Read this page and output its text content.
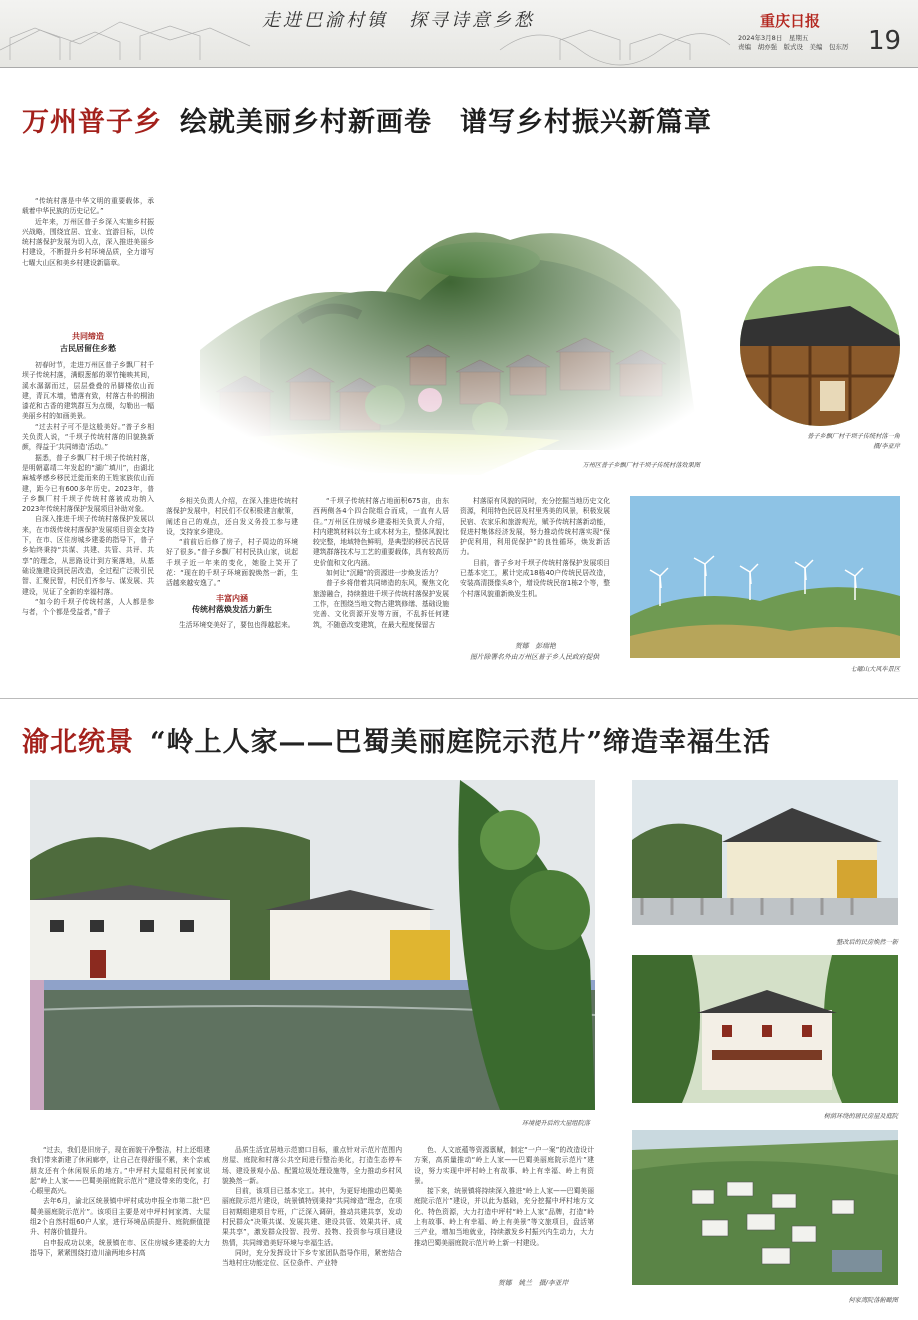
走进巴渝村镇　探寻诗意乡愁	重庆日报
2024年3月8日　星期五
责编　胡亦强　版式设　美编　包东厉 19
万州普子乡 绘就美丽乡村新画卷　谱写乡村振兴新篇章
万州区普子乡飘厂村千坝子传统村落效果图
普子乡飘厂村千坝子传统村落一角
摄/李亚岸
七曜山大风车景区

“传统村落是中华文明的重要载体，承载着中华民族的历史记忆。”

近年来，万州区普子乡深入实施乡村振兴战略，围绕宜居、宜业、宜游目标，以传统村落保护发展为切入点，深入推进美丽乡村建设，不断提升乡村环境品质，全力谱写七曜大山区和美乡村建设新篇章。

共同缔造
古民居留住乡愁

初春时节，走进万州区普子乡飘厂村千坝子传统村落，满眼葱郁的翠竹掩映其间，溪水潺潺而过，层层叠叠的吊脚楼依山而建，青瓦木墙，错落有致，村落古朴的桐油漆花和古香的建筑群互为点缀，勾勒出一幅美丽乡村的如画美景。

“过去村子可不是这般美好。”普子乡相关负责人说，“千坝子传统村落的旧貌换新颜，得益于‘共同缔造’活动。”

据悉，普子乡飘厂村千坝子传统村落，是明朝嘉靖二年发起的“湖广填川”，由湖北麻城孝感乡移民迁徙而来的王姓家族依山而建，距今已有600多年历史。2023年，普子乡飘厂村千坝子传统村落被成功纳入2023年传统村落保护发展项目补助对象。

自深入推进千坝子传统村落保护发展以来，在市级传统村落保护发展项目资金支持下，在市、区住房城乡建委的指导下，普子乡始终秉持“共谋、共建、共管、共评、共享”的理念，从思路设计到方案落地，从基础设施建设到民居改造，全过程广泛吸引民智、汇聚民智，村民们齐参与、谋发展、共建设，见证了全新的幸福村落。

“如今的千坝子传统村落，人人都是参与者，个个都是受益者，”普子

乡相关负责人介绍，在深入推进传统村落保护发展中，村民们不仅积极建言献策，阐述自己的观点，还自发义务投工参与建设，支持家乡建设。

“前前后后修了房子，村子周边的环境好了很多。”普子乡飘厂村村民执山家，说起千坝子近一年来的变化，她脸上笑开了花：“现在的千坝子环境面貌焕然一新，生活越来越安逸了。”

丰富内涵
传统村落焕发活力新生

生活环境变美好了，要包也得越起来。

“千坝子传统村落占地面积675亩，由东西两侧各4个四合院组合而成，一直有人居住。”万州区住房城乡建委相关负责人介绍，村内建筑材料以夯土或木材为主，整体风貌比较完整，地域特色鲜明，是典型的移民古民居建筑群落技术与工艺的重要载体，具有较高历史价值和文化内涵。

如何让“沉睡”的资源进一步焕发活力？

普子乡将借着共同缔造的东风，聚焦文化旅游融合，持续推进千坝子传统村落保护发展工作，在围绕当地文物古建筑修缮、基础设施完善、文化资源开发等方面，不乱拆任何建筑，不随意改变建筑，在最大程度保留古

村落原有风貌的同时，充分挖掘当地历史文化资源，利用特色民居及村里秀美的风景，积极发展民宿、农家乐和旅游观光，赋予传统村落新动能，促进村集体经济发展，努力推动传统村落实现“保护促利用，利用促保护”的良性循环，焕发新活力。

目前，普子乡对千坝子传统村落保护发展项目已基本完工，累计完成18栋40户传统民居改造，安装高清摄像头8个，增设传统民宿1栋2个等，整个村落风貌重新焕发生机。

贺娜　彭瑞艳
图片除署名外由万州区普子乡人民政府提供
渝北统景 “岭上人家——巴蜀美丽庭院示范片”缔造幸福生活
环境提升后的大屋组院落
整改后的民房焕然一新
树荫环绕的居民房屋及庭院
何家湾院落俯瞰图

“过去，我们是旧房子，现在面貌干净整洁，村上还组建我们带来新建了休闲廊亭，让自己在得舒服不累，来个亲戚朋友还有个休闲娱乐的地方。”中坪村大屋组村民何家说起“岭上人家——巴蜀美丽庭院示范片”建设带来的变化，打心眼里高兴。

去年6月，渝北区统景镇中坪村成功申报全市第二批“巴蜀美丽庭院示范片”。该项目主要是对中坪村何家湾、大屋组2个自然村组60户人家，进行环境品质提升、庭院颜值提升、村落价值提升。

自申报成功以来，统景镇在市、区住房城乡建委的大力指导下，紧紧围绕打造川渝两地乡村高

品质生活宜居地示范窗口目标，重点针对示范片范围内房屋、庭院和村落公共空间进行整治美化，打造生态停车场、建设景观小品、配置垃圾处理设施等，全力推动乡村风貌换然一新。

目前，该项目已基本完工。其中，为更好地推动巴蜀美丽庭院示范片建设，统景镇特别秉持“共同缔造”理念，在项目初期组建项目专班，广泛深入调研，推动共建共享，发动村民群众“决策共谋、发展共建、建设共管、效果共评、成果共享”，激发群众投智、投劳、投物、投资参与项目建设热情，共同缔造美好环境与幸福生活。

同时，充分发挥设计下乡专家团队指导作用，紧密结合当地村庄功能定位、区位条件、产业特

色、人文底蕴等资源禀赋，制定“一户一案”的改造设计方案，高质量推动“岭上人家——巴蜀美丽庭院示范片”建设，努力实现中坪村岭上有故事、岭上有幸福、岭上有资景。

接下来，统景镇将持续深入推进“岭上人家——巴蜀美丽庭院示范片”建设，并以此为基础，充分挖掘中坪村地方文化、特色资源，大力打造中坪村“岭上人家”品牌，打造“岭上有故事、岭上有幸福、岭上有美景”等文旅项目，盘活第三产业，增加当地就业，持续激发乡村振兴内生动力，大力推动巴蜀美丽庭院示范片岭上新一村建设。

贺娜　姚兰　摄/李亚岸
